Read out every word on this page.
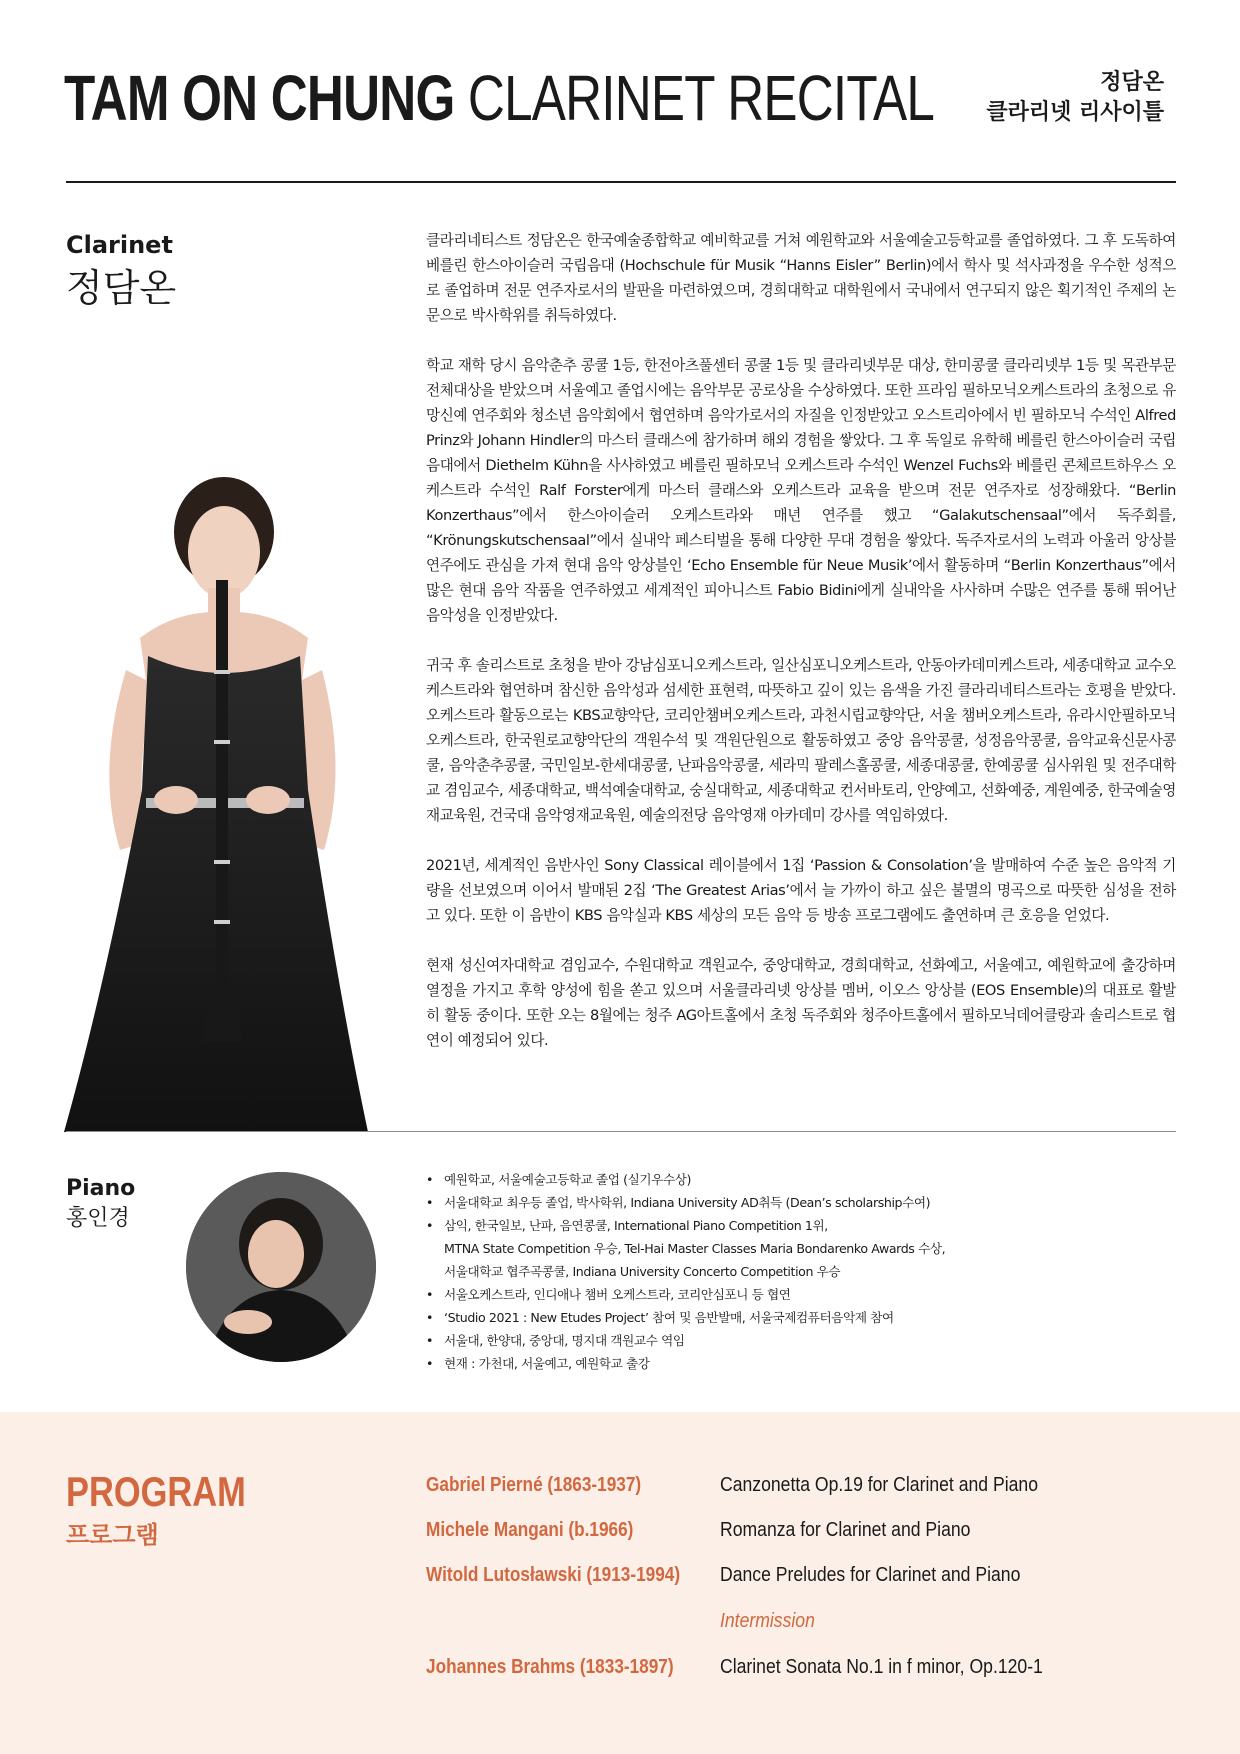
TAM ON CHUNG CLARINET RECITAL	정담온
클라리넷 리사이틀
Clarinet
정담온

클라리네티스트 정담온은 한국예술종합학교 예비학교를 거쳐 예원학교와 서울예술고등학교를 졸업하였다. 그 후 도독하여 베를린 한스아이슬러 국립음대 (Hochschule für Musik “Hanns Eisler” Berlin)에서 학사 및 석사과정을 우수한 성적으로 졸업하며 전문 연주자로서의 발판을 마련하였으며, 경희대학교 대학원에서 국내에서 연구되지 않은 획기적인 주제의 논문으로 박사학위를 취득하였다.

학교 재학 당시 음악춘추 콩쿨 1등, 한전아츠풀센터 콩쿨 1등 및 클라리넷부문 대상, 한미콩쿨 클라리넷부 1등 및 목관부문 전체대상을 받았으며 서울예고 졸업시에는 음악부문 공로상을 수상하였다. 또한 프라임 필하모닉오케스트라의 초청으로 유망신예 연주회와 청소년 음악회에서 협연하며 음악가로서의 자질을 인정받았고 오스트리아에서 빈 필하모닉 수석인 Alfred Prinz와 Johann Hindler의 마스터 클래스에 참가하며 해외 경험을 쌓았다. 그 후 독일로 유학해 베를린 한스아이슬러 국립음대에서 Diethelm Kühn을 사사하였고 베를린 필하모닉 오케스트라 수석인 Wenzel Fuchs와 베를린 콘체르트하우스 오케스트라 수석인 Ralf Forster에게 마스터 클래스와 오케스트라 교육을 받으며 전문 연주자로 성장해왔다. “Berlin Konzerthaus”에서 한스아이슬러 오케스트라와 매년 연주를 했고 “Galakutschensaal”에서 독주회를, “Krönungskutschensaal”에서 실내악 페스티벌을 통해 다양한 무대 경험을 쌓았다. 독주자로서의 노력과 아울러 앙상블 연주에도 관심을 가져 현대 음악 앙상블인 ‘Echo Ensemble für Neue Musik’에서 활동하며 “Berlin Konzerthaus”에서 많은 현대 음악 작품을 연주하였고 세계적인 피아니스트 Fabio Bidini에게 실내악을 사사하며 수많은 연주를 통해 뛰어난 음악성을 인정받았다.

귀국 후 솔리스트로 초청을 받아 강남심포니오케스트라, 일산심포니오케스트라, 안동아카데미케스트라, 세종대학교 교수오케스트라와 협연하며 참신한 음악성과 섬세한 표현력, 따뜻하고 깊이 있는 음색을 가진 클라리네티스트라는 호평을 받았다. 오케스트라 활동으로는 KBS교향악단, 코리안챔버오케스트라, 과천시립교향악단, 서울 챔버오케스트라, 유라시안필하모닉오케스트라, 한국원로교향악단의 객원수석 및 객원단원으로 활동하였고 중앙 음악콩쿨, 성정음악콩쿨, 음악교육신문사콩쿨, 음악춘추콩쿨, 국민일보-한세대콩쿨, 난파음악콩쿨, 세라믹 팔레스홀콩쿨, 세종대콩쿨, 한예콩쿨 심사위원 및 전주대학교 겸임교수, 세종대학교, 백석예술대학교, 숭실대학교, 세종대학교 컨서바토리, 안양예고, 선화예중, 계원예중, 한국예술영재교육원, 건국대 음악영재교육원, 예술의전당 음악영재 아카데미 강사를 역임하였다.

2021년, 세계적인 음반사인 Sony Classical 레이블에서 1집 ‘Passion & Consolation’을 발매하여 수준 높은 음악적 기량을 선보였으며 이어서 발매된 2집 ‘The Greatest Arias’에서 늘 가까이 하고 싶은 불멸의 명곡으로 따뜻한 심성을 전하고 있다. 또한 이 음반이 KBS 음악실과 KBS 세상의 모든 음악 등 방송 프로그램에도 출연하며 큰 호응을 얻었다.

현재 성신여자대학교 겸임교수, 수원대학교 객원교수, 중앙대학교, 경희대학교, 선화예고, 서울예고, 예원학교에 출강하며 열정을 가지고 후학 양성에 힘을 쏟고 있으며 서울클라리넷 앙상블 멤버, 이오스 앙상블 (EOS Ensemble)의 대표로 활발히 활동 중이다. 또한 오는 8월에는 청주 AG아트홀에서 초청 독주회와 청주아트홀에서 필하모닉데어클랑과 솔리스트로 협연이 예정되어 있다.

Piano
홍인경
• 예원학교, 서울예술고등학교 졸업 (실기우수상)
• 서울대학교 최우등 졸업, 박사학위, Indiana University AD취득 (Dean’s scholarship수여)
• 삼익, 한국일보, 난파, 음연콩쿨, International Piano Competition 1위,
MTNA State Competition 우승, Tel-Hai Master Classes Maria Bondarenko Awards 수상,
서울대학교 협주곡콩쿨, Indiana University Concerto Competition 우승
• 서울오케스트라, 인디애나 챔버 오케스트라, 코리안심포니 등 협연
• ‘Studio 2021 : New Etudes Project’ 참여 및 음반발매, 서울국제컴퓨터음악제 참여
• 서울대, 한양대, 중앙대, 명지대 객원교수 역임
• 현재 : 가천대, 서울예고, 예원학교 출강
PROGRAM
프로그램
Gabriel Pierné (1863-1937)	Canzonetta Op.19 for Clarinet and Piano
Michele Mangani (b.1966)	Romanza for Clarinet and Piano
Witold Lutosławski (1913-1994) Dance Preludes for Clarinet and Piano
Intermission
Johannes Brahms (1833-1897) Clarinet Sonata No.1 in f minor, Op.120-1
